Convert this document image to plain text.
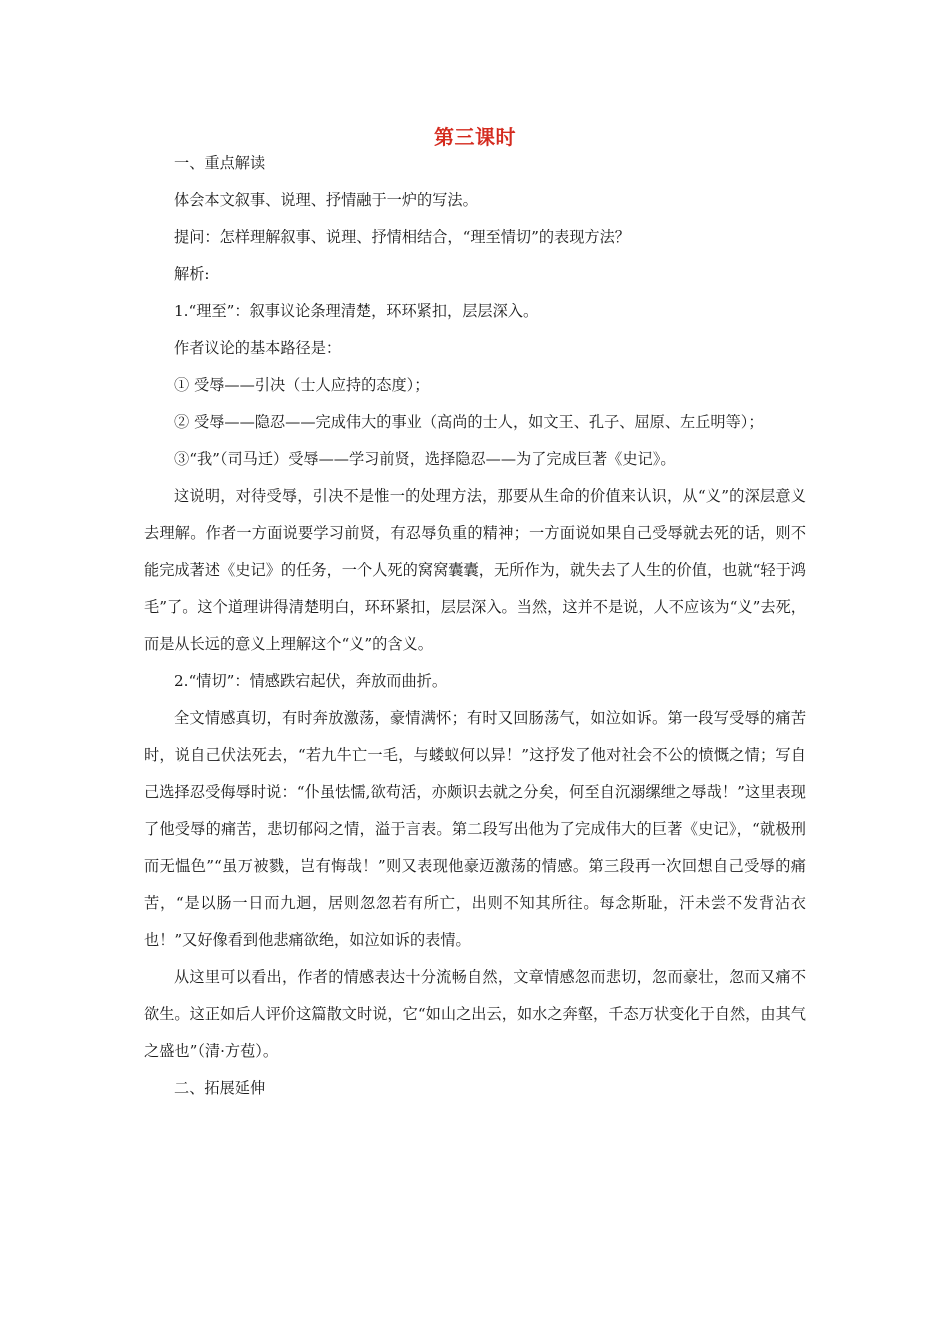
第三课时

一、重点解读

体会本文叙事、说理、抒情融于一炉的写法。

提问：怎样理解叙事、说理、抒情相结合，“理至情切”的表现方法？

解析:

1.“理至”：叙事议论条理清楚，环环紧扣，层层深入。

作者议论的基本路径是：

① 受辱——引决（士人应持的态度）；

② 受辱——隐忍——完成伟大的事业（高尚的士人，如文王、孔子、屈原、左丘明等）；

③“我”（司马迁）受辱——学习前贤，选择隐忍——为了完成巨著《史记》。

这说明，对待受辱，引决不是惟一的处理方法，那要从生命的价值来认识，从“义”的深层意义去理解。作者一方面说要学习前贤，有忍辱负重的精神；一方面说如果自己受辱就去死的话，则不能完成著述《史记》的任务，一个人死的窝窝囊囊，无所作为，就失去了人生的价值，也就“轻于鸿毛”了。这个道理讲得清楚明白，环环紧扣，层层深入。当然，这并不是说，人不应该为“义”去死，而是从长远的意义上理解这个“义”的含义。

2.“情切”：情感跌宕起伏，奔放而曲折。

全文情感真切，有时奔放激荡，豪情满怀；有时又回肠荡气，如泣如诉。第一段写受辱的痛苦时，说自己伏法死去，“若九牛亡一毛，与蝼蚁何以异！”这抒发了他对社会不公的愤慨之情；写自己选择忍受侮辱时说：“仆虽怯懦,欲苟活，亦颇识去就之分矣，何至自沉溺缧绁之辱哉！”这里表现了他受辱的痛苦，悲切郁闷之情，溢于言表。第二段写出他为了完成伟大的巨著《史记》，“就极刑而无愠色”“虽万被戮，岂有悔哉！”则又表现他豪迈激荡的情感。第三段再一次回想自己受辱的痛苦，“是以肠一日而九迴，居则忽忽若有所亡，出则不知其所往。每念斯耻，汗未尝不发背沾衣也！”又好像看到他悲痛欲绝，如泣如诉的表情。

从这里可以看出，作者的情感表达十分流畅自然，文章情感忽而悲切，忽而豪壮，忽而又痛不欲生。这正如后人评价这篇散文时说，它“如山之出云，如水之奔壑，千态万状变化于自然，由其气之盛也”（清·方苞）。

二、拓展延伸
